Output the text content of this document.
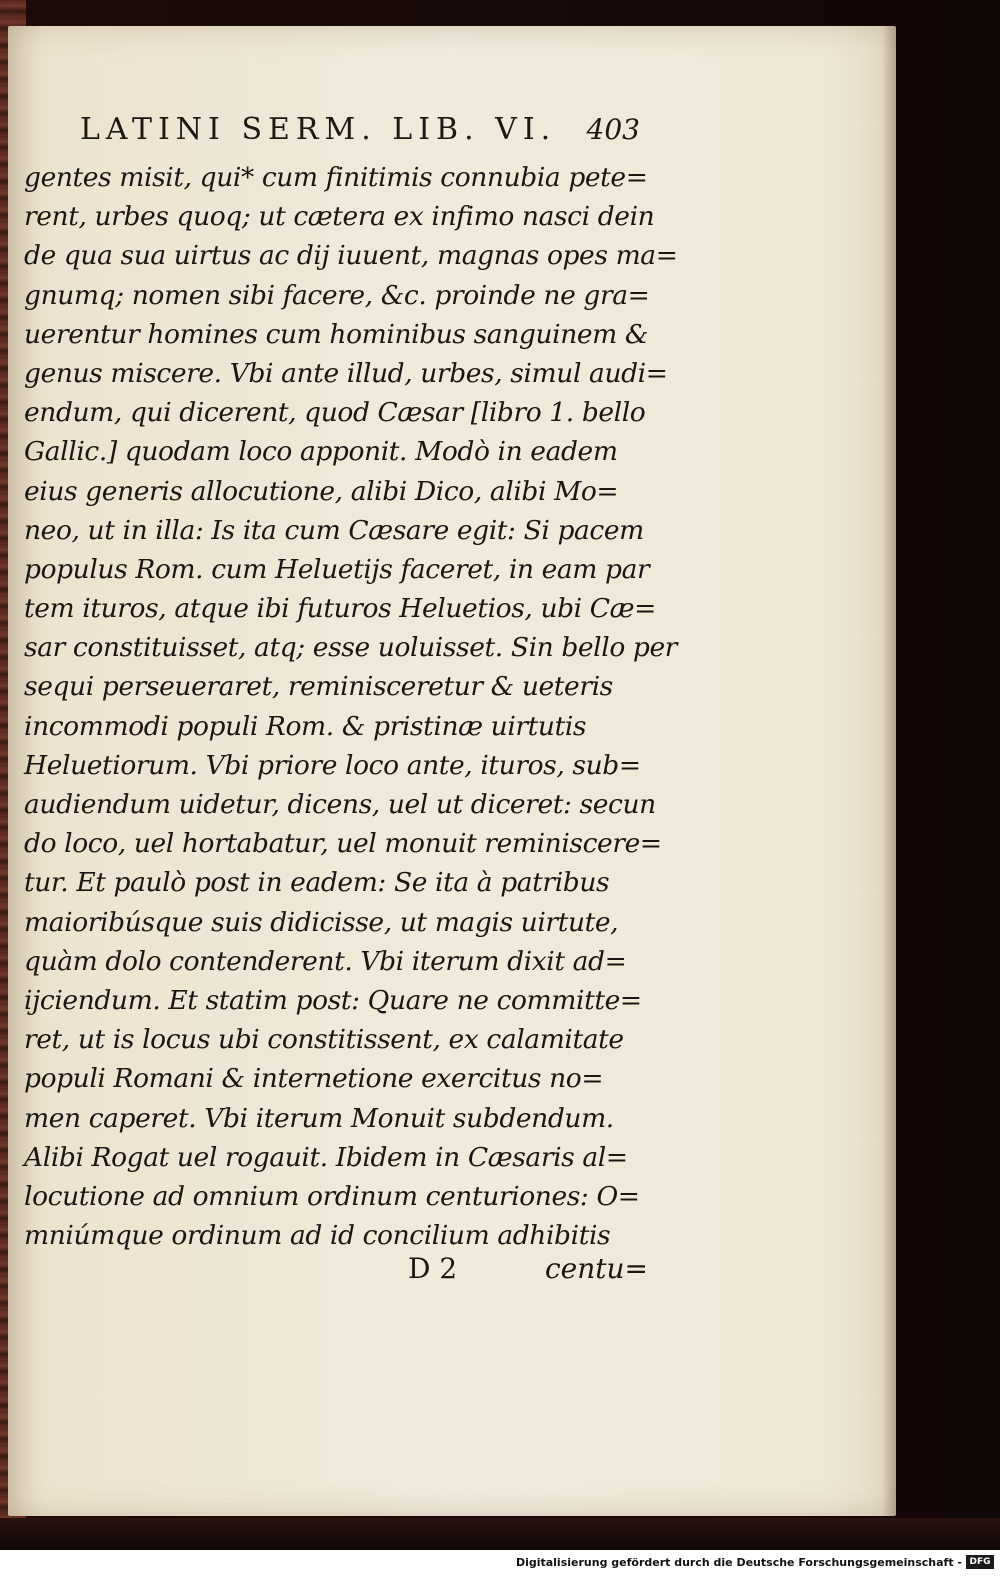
LATINI SERM. LIB. VI. 403
gentes misit, qui* cum finitimis connubia pete=
rent, urbes quoq; ut cætera ex infimo nasci dein
de qua sua uirtus ac dij iuuent, magnas opes ma=
gnumq; nomen sibi facere, &c. proinde ne gra=
uerentur homines cum hominibus sanguinem &
genus miscere. Vbi ante illud, urbes, simul audi=
endum, qui dicerent, quod Cæsar [libro 1. bello
Gallic.] quodam loco apponit. Modò in eadem
eius generis allocutione, alibi Dico, alibi Mo=
neo, ut in illa: Is ita cum Cæsare egit: Si pacem
populus Rom. cum Heluetijs faceret, in eam par
tem ituros, atque ibi futuros Heluetios, ubi Cæ=
sar constituisset, atq; esse uoluisset. Sin bello per
sequi perseueraret, reminisceretur & ueteris
incommodi populi Rom. & pristinæ uirtutis
Heluetiorum. Vbi priore loco ante, ituros, sub=
audiendum uidetur, dicens, uel ut diceret: secun
do loco, uel hortabatur, uel monuit reminiscere=
tur. Et paulò post in eadem: Se ita à patribus
maioribúsque suis didicisse, ut magis uirtute,
quàm dolo contenderent. Vbi iterum dixit ad=
ijciendum. Et statim post: Quare ne committe=
ret, ut is locus ubi constitissent, ex calamitate
populi Romani & internetione exercitus no=
men caperet. Vbi iterum Monuit subdendum.
Alibi Rogat uel rogauit. Ibidem in Cæsaris al=
locutione ad omnium ordinum centuriones: O=
mniúmque ordinum ad id concilium adhibitis
D 2	centu=
Digitalisierung gefördert durch die Deutsche Forschungsgemeinschaft - DFG
